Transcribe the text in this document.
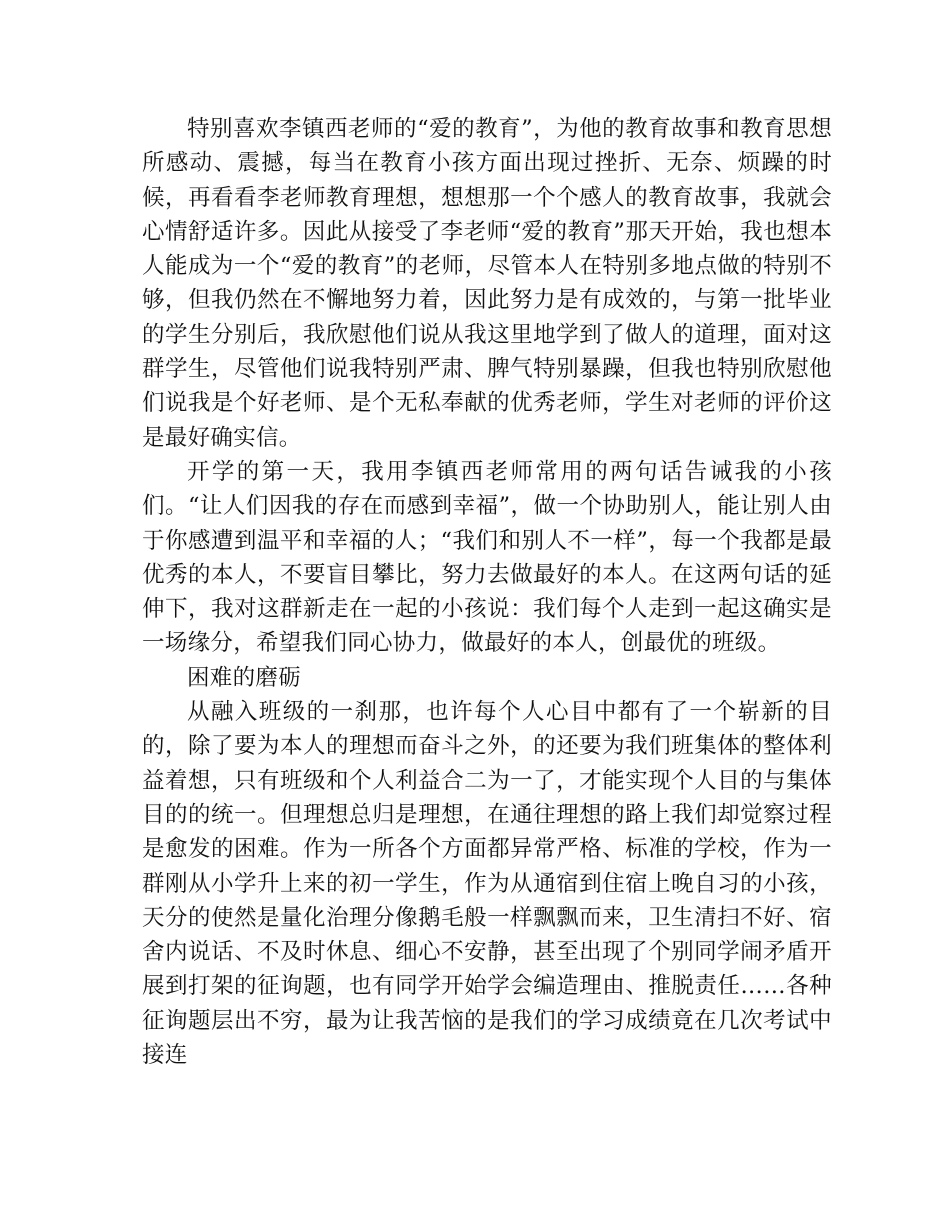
特别喜欢李镇西老师的“爱的教育”，为他的教育故事和教育思想所感动、震撼，每当在教育小孩方面出现过挫折、无奈、烦躁的时候，再看看李老师教育理想，想想那一个个感人的教育故事，我就会心情舒适许多。因此从接受了李老师“爱的教育”那天开始，我也想本人能成为一个“爱的教育”的老师，尽管本人在特别多地点做的特别不够，但我仍然在不懈地努力着，因此努力是有成效的，与第一批毕业的学生分别后，我欣慰他们说从我这里地学到了做人的道理，面对这群学生，尽管他们说我特别严肃、脾气特别暴躁，但我也特别欣慰他们说我是个好老师、是个无私奉献的优秀老师，学生对老师的评价这是最好确实信。

开学的第一天，我用李镇西老师常用的两句话告诫我的小孩们。“让人们因我的存在而感到幸福”，做一个协助别人，能让别人由于你感遭到温平和幸福的人；“我们和别人不一样”，每一个我都是最优秀的本人，不要盲目攀比，努力去做最好的本人。在这两句话的延伸下，我对这群新走在一起的小孩说：我们每个人走到一起这确实是一场缘分，希望我们同心协力，做最好的本人，创最优的班级。

困难的磨砺

从融入班级的一刹那，也许每个人心目中都有了一个崭新的目的，除了要为本人的理想而奋斗之外，的还要为我们班集体的整体利益着想，只有班级和个人利益合二为一了，才能实现个人目的与集体目的的统一。但理想总归是理想，在通往理想的路上我们却觉察过程是愈发的困难。作为一所各个方面都异常严格、标准的学校，作为一群刚从小学升上来的初一学生，作为从通宿到住宿上晚自习的小孩，天分的使然是量化治理分像鹅毛般一样飘飘而来，卫生清扫不好、宿舍内说话、不及时休息、细心不安静，甚至出现了个别同学闹矛盾开展到打架的征询题，也有同学开始学会编造理由、推脱责任……各种征询题层出不穷，最为让我苦恼的是我们的学习成绩竟在几次考试中接连
